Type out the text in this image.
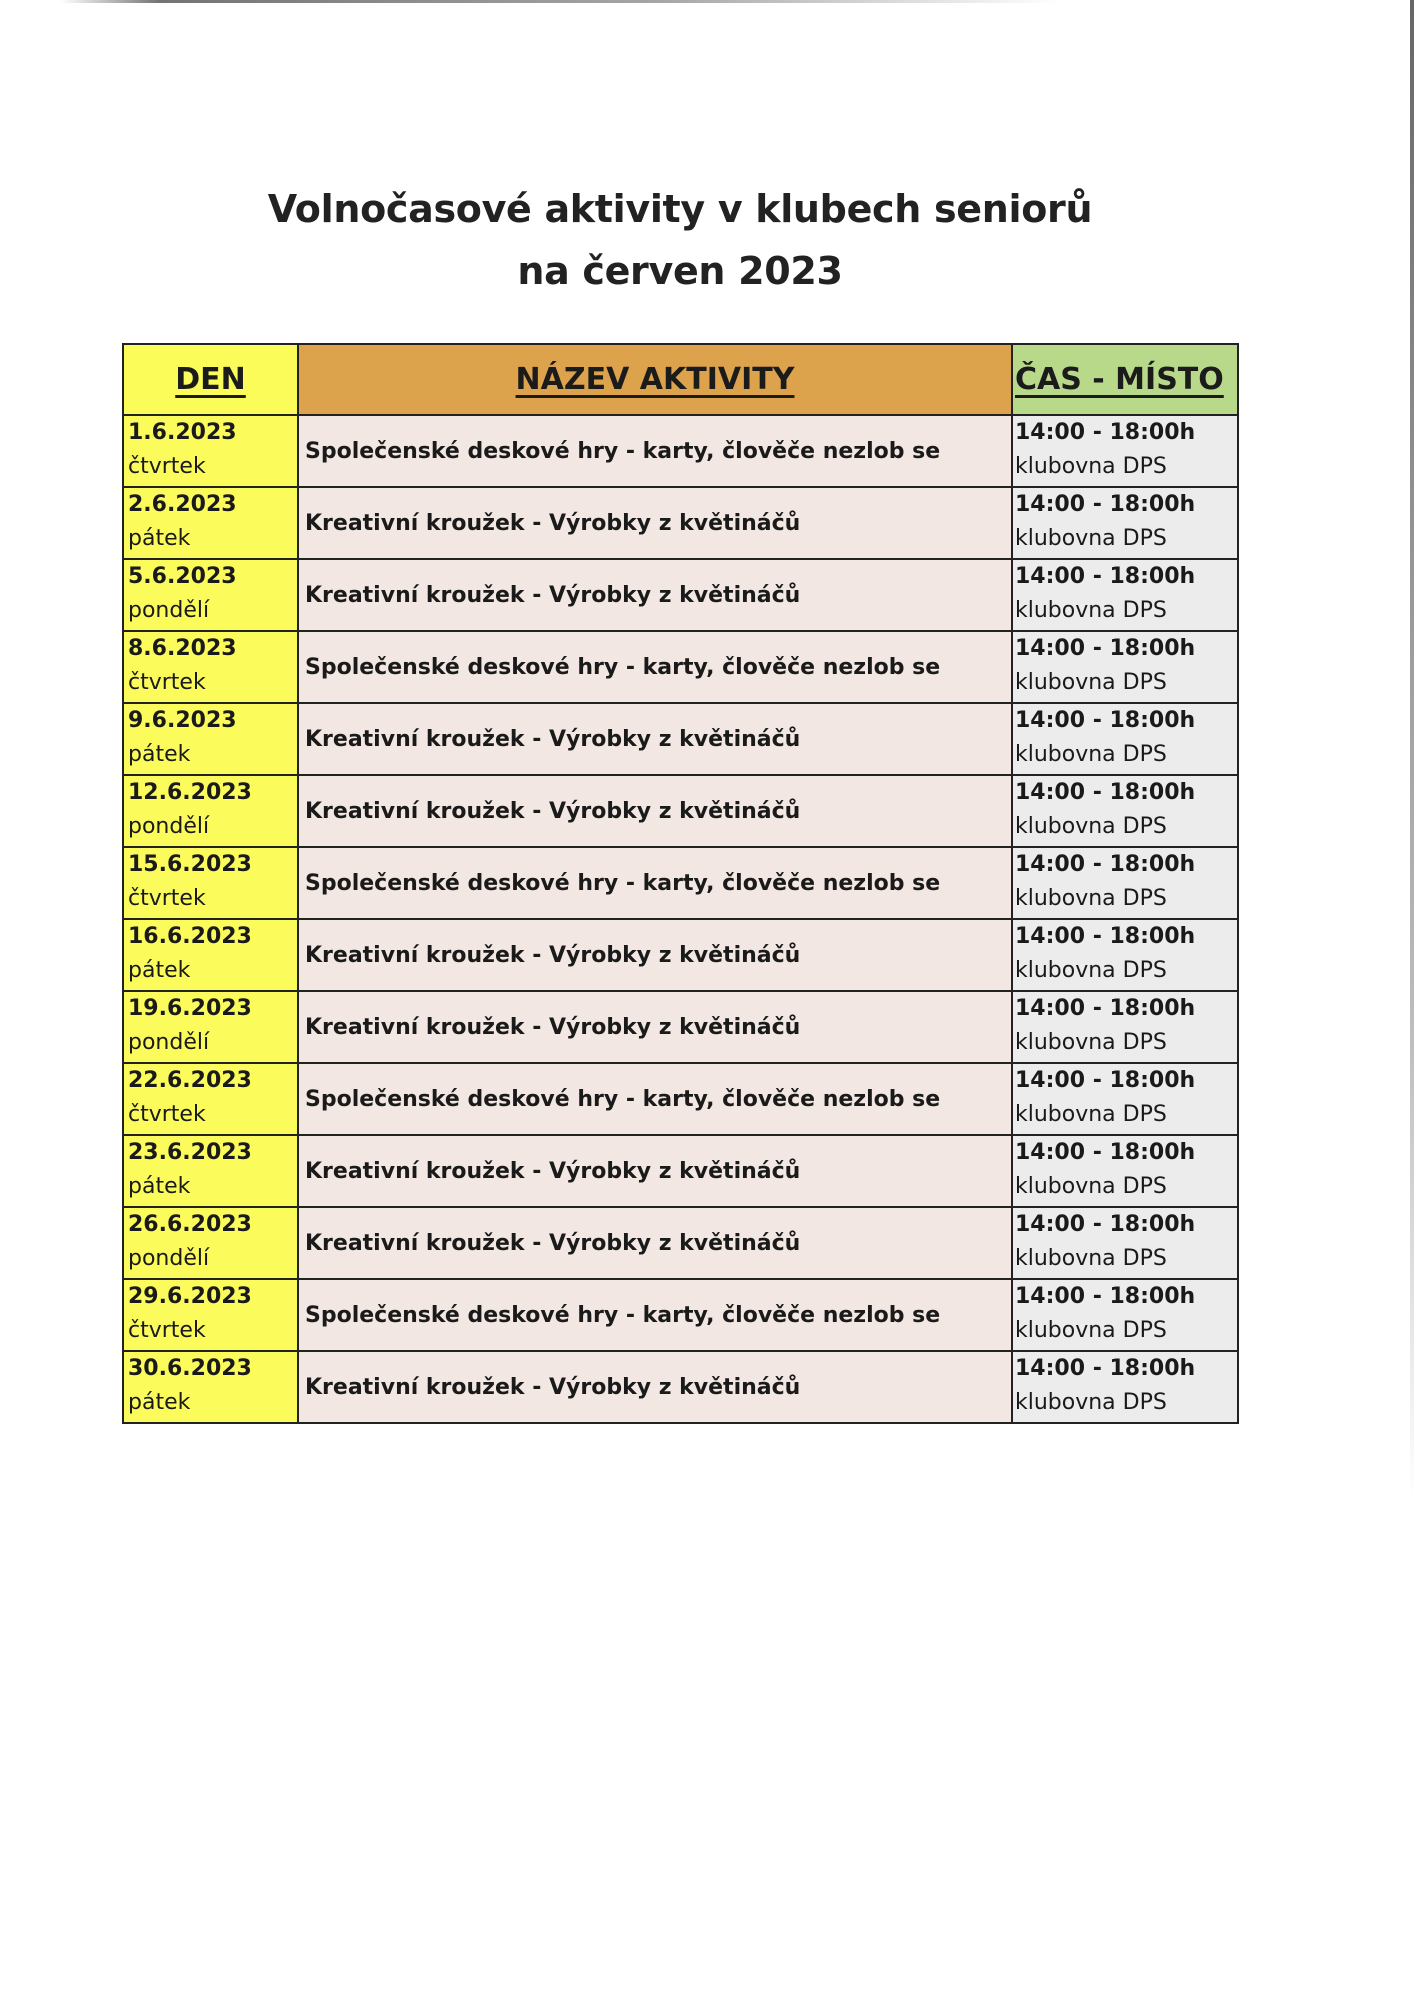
Volnočasové aktivity v klubech seniorů
na červen 2023
DEN	NÁZEV AKTIVITY	ČAS - MÍSTO

1.6.2023
čtvrtek	Společenské deskové hry - karty, člověče nezlob se	14:00 - 18:00h
klubovna DPS

2.6.2023
pátek	Kreativní kroužek - Výrobky z květináčů	14:00 - 18:00h
klubovna DPS

5.6.2023
pondělí	Kreativní kroužek - Výrobky z květináčů	14:00 - 18:00h
klubovna DPS

8.6.2023
čtvrtek	Společenské deskové hry - karty, člověče nezlob se	14:00 - 18:00h
klubovna DPS

9.6.2023
pátek	Kreativní kroužek - Výrobky z květináčů	14:00 - 18:00h
klubovna DPS

12.6.2023
pondělí	Kreativní kroužek - Výrobky z květináčů	14:00 - 18:00h
klubovna DPS

15.6.2023
čtvrtek	Společenské deskové hry - karty, člověče nezlob se	14:00 - 18:00h
klubovna DPS

16.6.2023
pátek	Kreativní kroužek - Výrobky z květináčů	14:00 - 18:00h
klubovna DPS

19.6.2023
pondělí	Kreativní kroužek - Výrobky z květináčů	14:00 - 18:00h
klubovna DPS

22.6.2023
čtvrtek	Společenské deskové hry - karty, člověče nezlob se	14:00 - 18:00h
klubovna DPS

23.6.2023
pátek	Kreativní kroužek - Výrobky z květináčů	14:00 - 18:00h
klubovna DPS

26.6.2023
pondělí	Kreativní kroužek - Výrobky z květináčů	14:00 - 18:00h
klubovna DPS

29.6.2023
čtvrtek	Společenské deskové hry - karty, člověče nezlob se	14:00 - 18:00h
klubovna DPS

30.6.2023
pátek	Kreativní kroužek - Výrobky z květináčů	14:00 - 18:00h
klubovna DPS
